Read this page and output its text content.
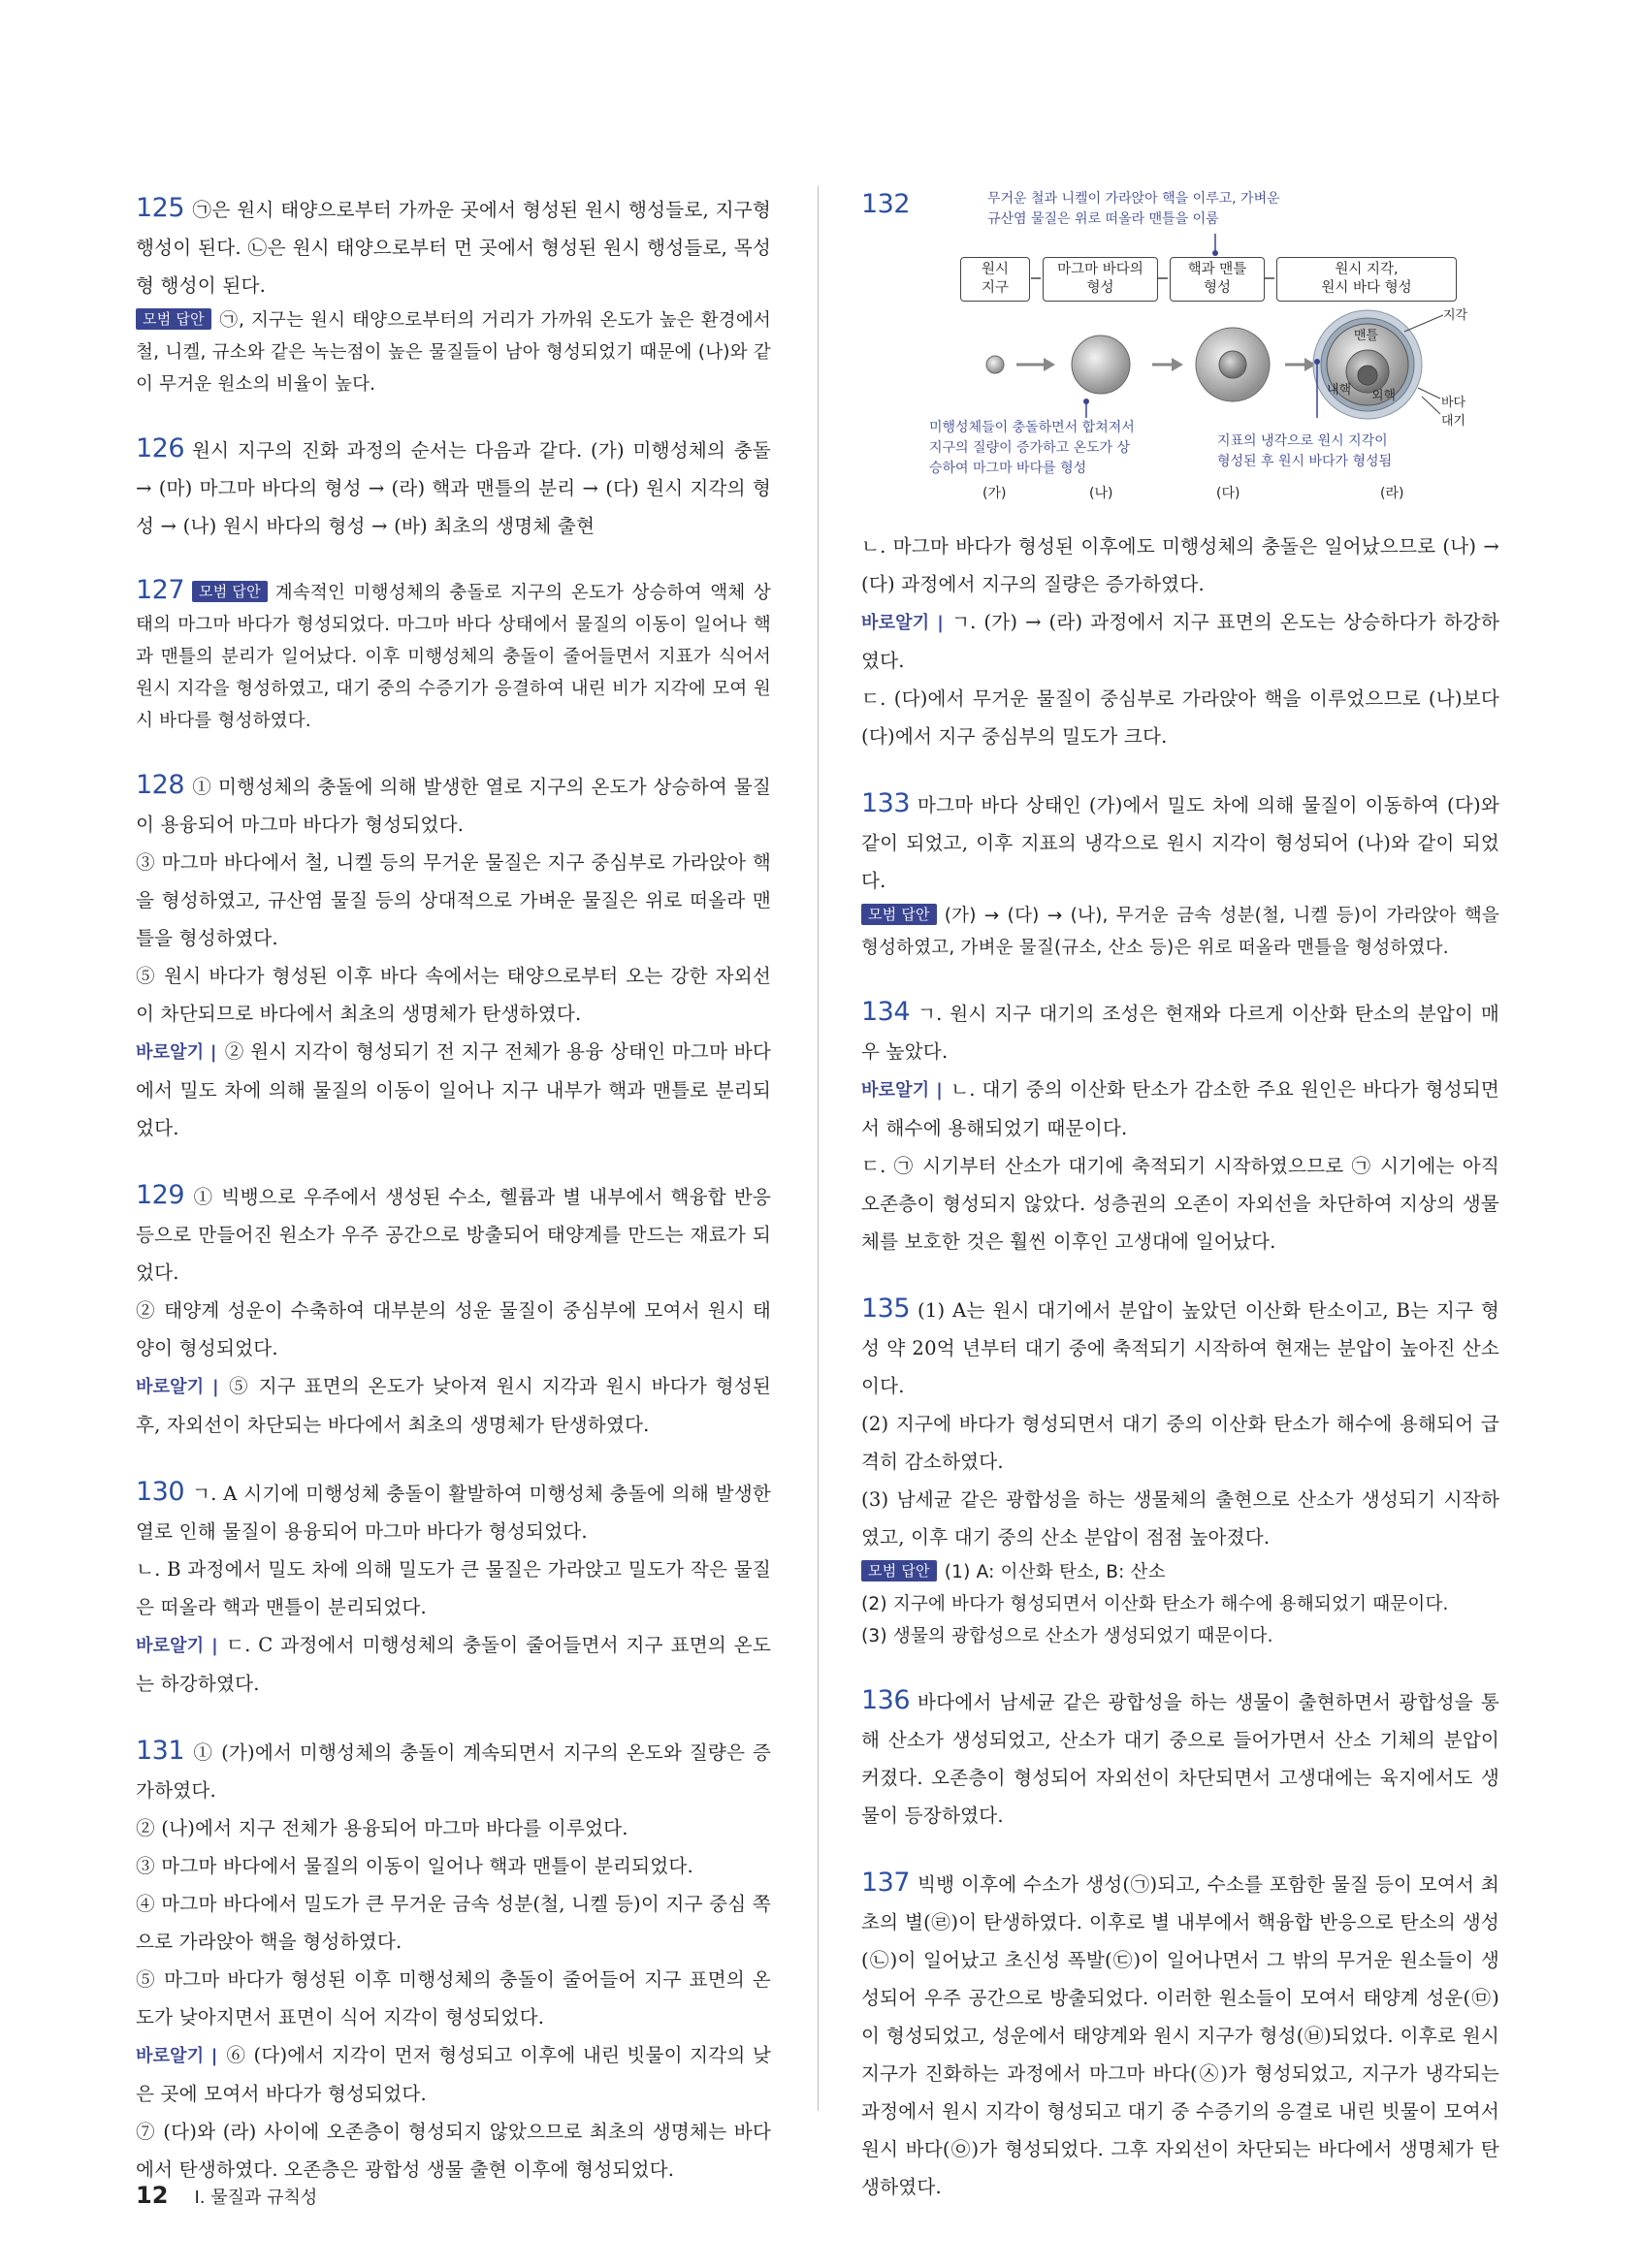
125 ㉠은 원시 태양으로부터 가까운 곳에서 형성된 원시 행성들로, 지구형 행성이 된다. ㉡은 원시 태양으로부터 먼 곳에서 형성된 원시 행성들로, 목성형 행성이 된다.

모범 답안 ㉠, 지구는 원시 태양으로부터의 거리가 가까워 온도가 높은 환경에서 철, 니켈, 규소와 같은 녹는점이 높은 물질들이 남아 형성되었기 때문에 (나)와 같이 무거운 원소의 비율이 높다.

126 원시 지구의 진화 과정의 순서는 다음과 같다. (가) 미행성체의 충돌 → (마) 마그마 바다의 형성 → (라) 핵과 맨틀의 분리 → (다) 원시 지각의 형성 → (나) 원시 바다의 형성 → (바) 최초의 생명체 출현

127 모범 답안 계속적인 미행성체의 충돌로 지구의 온도가 상승하여 액체 상태의 마그마 바다가 형성되었다. 마그마 바다 상태에서 물질의 이동이 일어나 핵과 맨틀의 분리가 일어났다. 이후 미행성체의 충돌이 줄어들면서 지표가 식어서 원시 지각을 형성하였고, 대기 중의 수증기가 응결하여 내린 비가 지각에 모여 원시 바다를 형성하였다.

128 ① 미행성체의 충돌에 의해 발생한 열로 지구의 온도가 상승하여 물질이 용융되어 마그마 바다가 형성되었다.

③ 마그마 바다에서 철, 니켈 등의 무거운 물질은 지구 중심부로 가라앉아 핵을 형성하였고, 규산염 물질 등의 상대적으로 가벼운 물질은 위로 떠올라 맨틀을 형성하였다.

⑤ 원시 바다가 형성된 이후 바다 속에서는 태양으로부터 오는 강한 자외선이 차단되므로 바다에서 최초의 생명체가 탄생하였다.

바로알기 | ② 원시 지각이 형성되기 전 지구 전체가 용융 상태인 마그마 바다에서 밀도 차에 의해 물질의 이동이 일어나 지구 내부가 핵과 맨틀로 분리되었다.

129 ① 빅뱅으로 우주에서 생성된 수소, 헬륨과 별 내부에서 핵융합 반응 등으로 만들어진 원소가 우주 공간으로 방출되어 태양계를 만드는 재료가 되었다.

② 태양계 성운이 수축하여 대부분의 성운 물질이 중심부에 모여서 원시 태양이 형성되었다.

바로알기 | ⑤ 지구 표면의 온도가 낮아져 원시 지각과 원시 바다가 형성된 후, 자외선이 차단되는 바다에서 최초의 생명체가 탄생하였다.

130 ㄱ. A 시기에 미행성체 충돌이 활발하여 미행성체 충돌에 의해 발생한 열로 인해 물질이 용융되어 마그마 바다가 형성되었다.

ㄴ. B 과정에서 밀도 차에 의해 밀도가 큰 물질은 가라앉고 밀도가 작은 물질은 떠올라 핵과 맨틀이 분리되었다.

바로알기 | ㄷ. C 과정에서 미행성체의 충돌이 줄어들면서 지구 표면의 온도는 하강하였다.

131 ① (가)에서 미행성체의 충돌이 계속되면서 지구의 온도와 질량은 증가하였다.

② (나)에서 지구 전체가 용융되어 마그마 바다를 이루었다.

③ 마그마 바다에서 물질의 이동이 일어나 핵과 맨틀이 분리되었다.

④ 마그마 바다에서 밀도가 큰 무거운 금속 성분(철, 니켈 등)이 지구 중심 쪽으로 가라앉아 핵을 형성하였다.

⑤ 마그마 바다가 형성된 이후 미행성체의 충돌이 줄어들어 지구 표면의 온도가 낮아지면서 표면이 식어 지각이 형성되었다.

바로알기 | ⑥ (다)에서 지각이 먼저 형성되고 이후에 내린 빗물이 지각의 낮은 곳에 모여서 바다가 형성되었다.

⑦ (다)와 (라) 사이에 오존층이 형성되지 않았으므로 최초의 생명체는 바다에서 탄생하였다. 오존층은 광합성 생물 출현 이후에 형성되었다.

132	무거운 철과 니켈이 가라앉아 핵을 이루고, 가벼운
규산염 물질은 위로 떠올라 맨틀을 이룸
원시
지구
마그마 바다의
형성
핵과 맨틀
형성
원시 지각,
원시 바다 형성
미행성체들이 충돌하면서 합쳐져서
지구의 질량이 증가하고 온도가 상
승하여 마그마 바다를 형성
지표의 냉각으로 원시 지각이
형성된 후 원시 바다가 형성됨
지각
맨틀
내핵 외핵	바다
대기
(가)	(나)	(다)	(라)

ㄴ. 마그마 바다가 형성된 이후에도 미행성체의 충돌은 일어났으므로 (나) → (다) 과정에서 지구의 질량은 증가하였다.

바로알기 | ㄱ. (가) → (라) 과정에서 지구 표면의 온도는 상승하다가 하강하였다.

ㄷ. (다)에서 무거운 물질이 중심부로 가라앉아 핵을 이루었으므로 (나)보다 (다)에서 지구 중심부의 밀도가 크다.

133 마그마 바다 상태인 (가)에서 밀도 차에 의해 물질이 이동하여 (다)와 같이 되었고, 이후 지표의 냉각으로 원시 지각이 형성되어 (나)와 같이 되었다.

모범 답안 (가) → (다) → (나), 무거운 금속 성분(철, 니켈 등)이 가라앉아 핵을 형성하였고, 가벼운 물질(규소, 산소 등)은 위로 떠올라 맨틀을 형성하였다.

134 ㄱ. 원시 지구 대기의 조성은 현재와 다르게 이산화 탄소의 분압이 매우 높았다.

바로알기 | ㄴ. 대기 중의 이산화 탄소가 감소한 주요 원인은 바다가 형성되면서 해수에 용해되었기 때문이다.

ㄷ. ㉠ 시기부터 산소가 대기에 축적되기 시작하였으므로 ㉠ 시기에는 아직 오존층이 형성되지 않았다. 성층권의 오존이 자외선을 차단하여 지상의 생물체를 보호한 것은 훨씬 이후인 고생대에 일어났다.

135 (1) A는 원시 대기에서 분압이 높았던 이산화 탄소이고, B는 지구 형성 약 20억 년부터 대기 중에 축적되기 시작하여 현재는 분압이 높아진 산소이다.

(2) 지구에 바다가 형성되면서 대기 중의 이산화 탄소가 해수에 용해되어 급격히 감소하였다.

(3) 남세균 같은 광합성을 하는 생물체의 출현으로 산소가 생성되기 시작하였고, 이후 대기 중의 산소 분압이 점점 높아졌다.

모범 답안 (1) A: 이산화 탄소, B: 산소

(2) 지구에 바다가 형성되면서 이산화 탄소가 해수에 용해되었기 때문이다.

(3) 생물의 광합성으로 산소가 생성되었기 때문이다.

136 바다에서 남세균 같은 광합성을 하는 생물이 출현하면서 광합성을 통해 산소가 생성되었고, 산소가 대기 중으로 들어가면서 산소 기체의 분압이 커졌다. 오존층이 형성되어 자외선이 차단되면서 고생대에는 육지에서도 생물이 등장하였다.

137 빅뱅 이후에 수소가 생성(㉠)되고, 수소를 포함한 물질 등이 모여서 최초의 별(㉣)이 탄생하였다. 이후로 별 내부에서 핵융합 반응으로 탄소의 생성(㉡)이 일어났고 초신성 폭발(㉢)이 일어나면서 그 밖의 무거운 원소들이 생성되어 우주 공간으로 방출되었다. 이러한 원소들이 모여서 태양계 성운(㉤)이 형성되었고, 성운에서 태양계와 원시 지구가 형성(㉥)되었다. 이후로 원시 지구가 진화하는 과정에서 마그마 바다(㉦)가 형성되었고, 지구가 냉각되는 과정에서 원시 지각이 형성되고 대기 중 수증기의 응결로 내린 빗물이 모여서 원시 바다(㉧)가 형성되었다. 그후 자외선이 차단되는 바다에서 생명체가 탄생하였다.

12 I. 물질과 규칙성
